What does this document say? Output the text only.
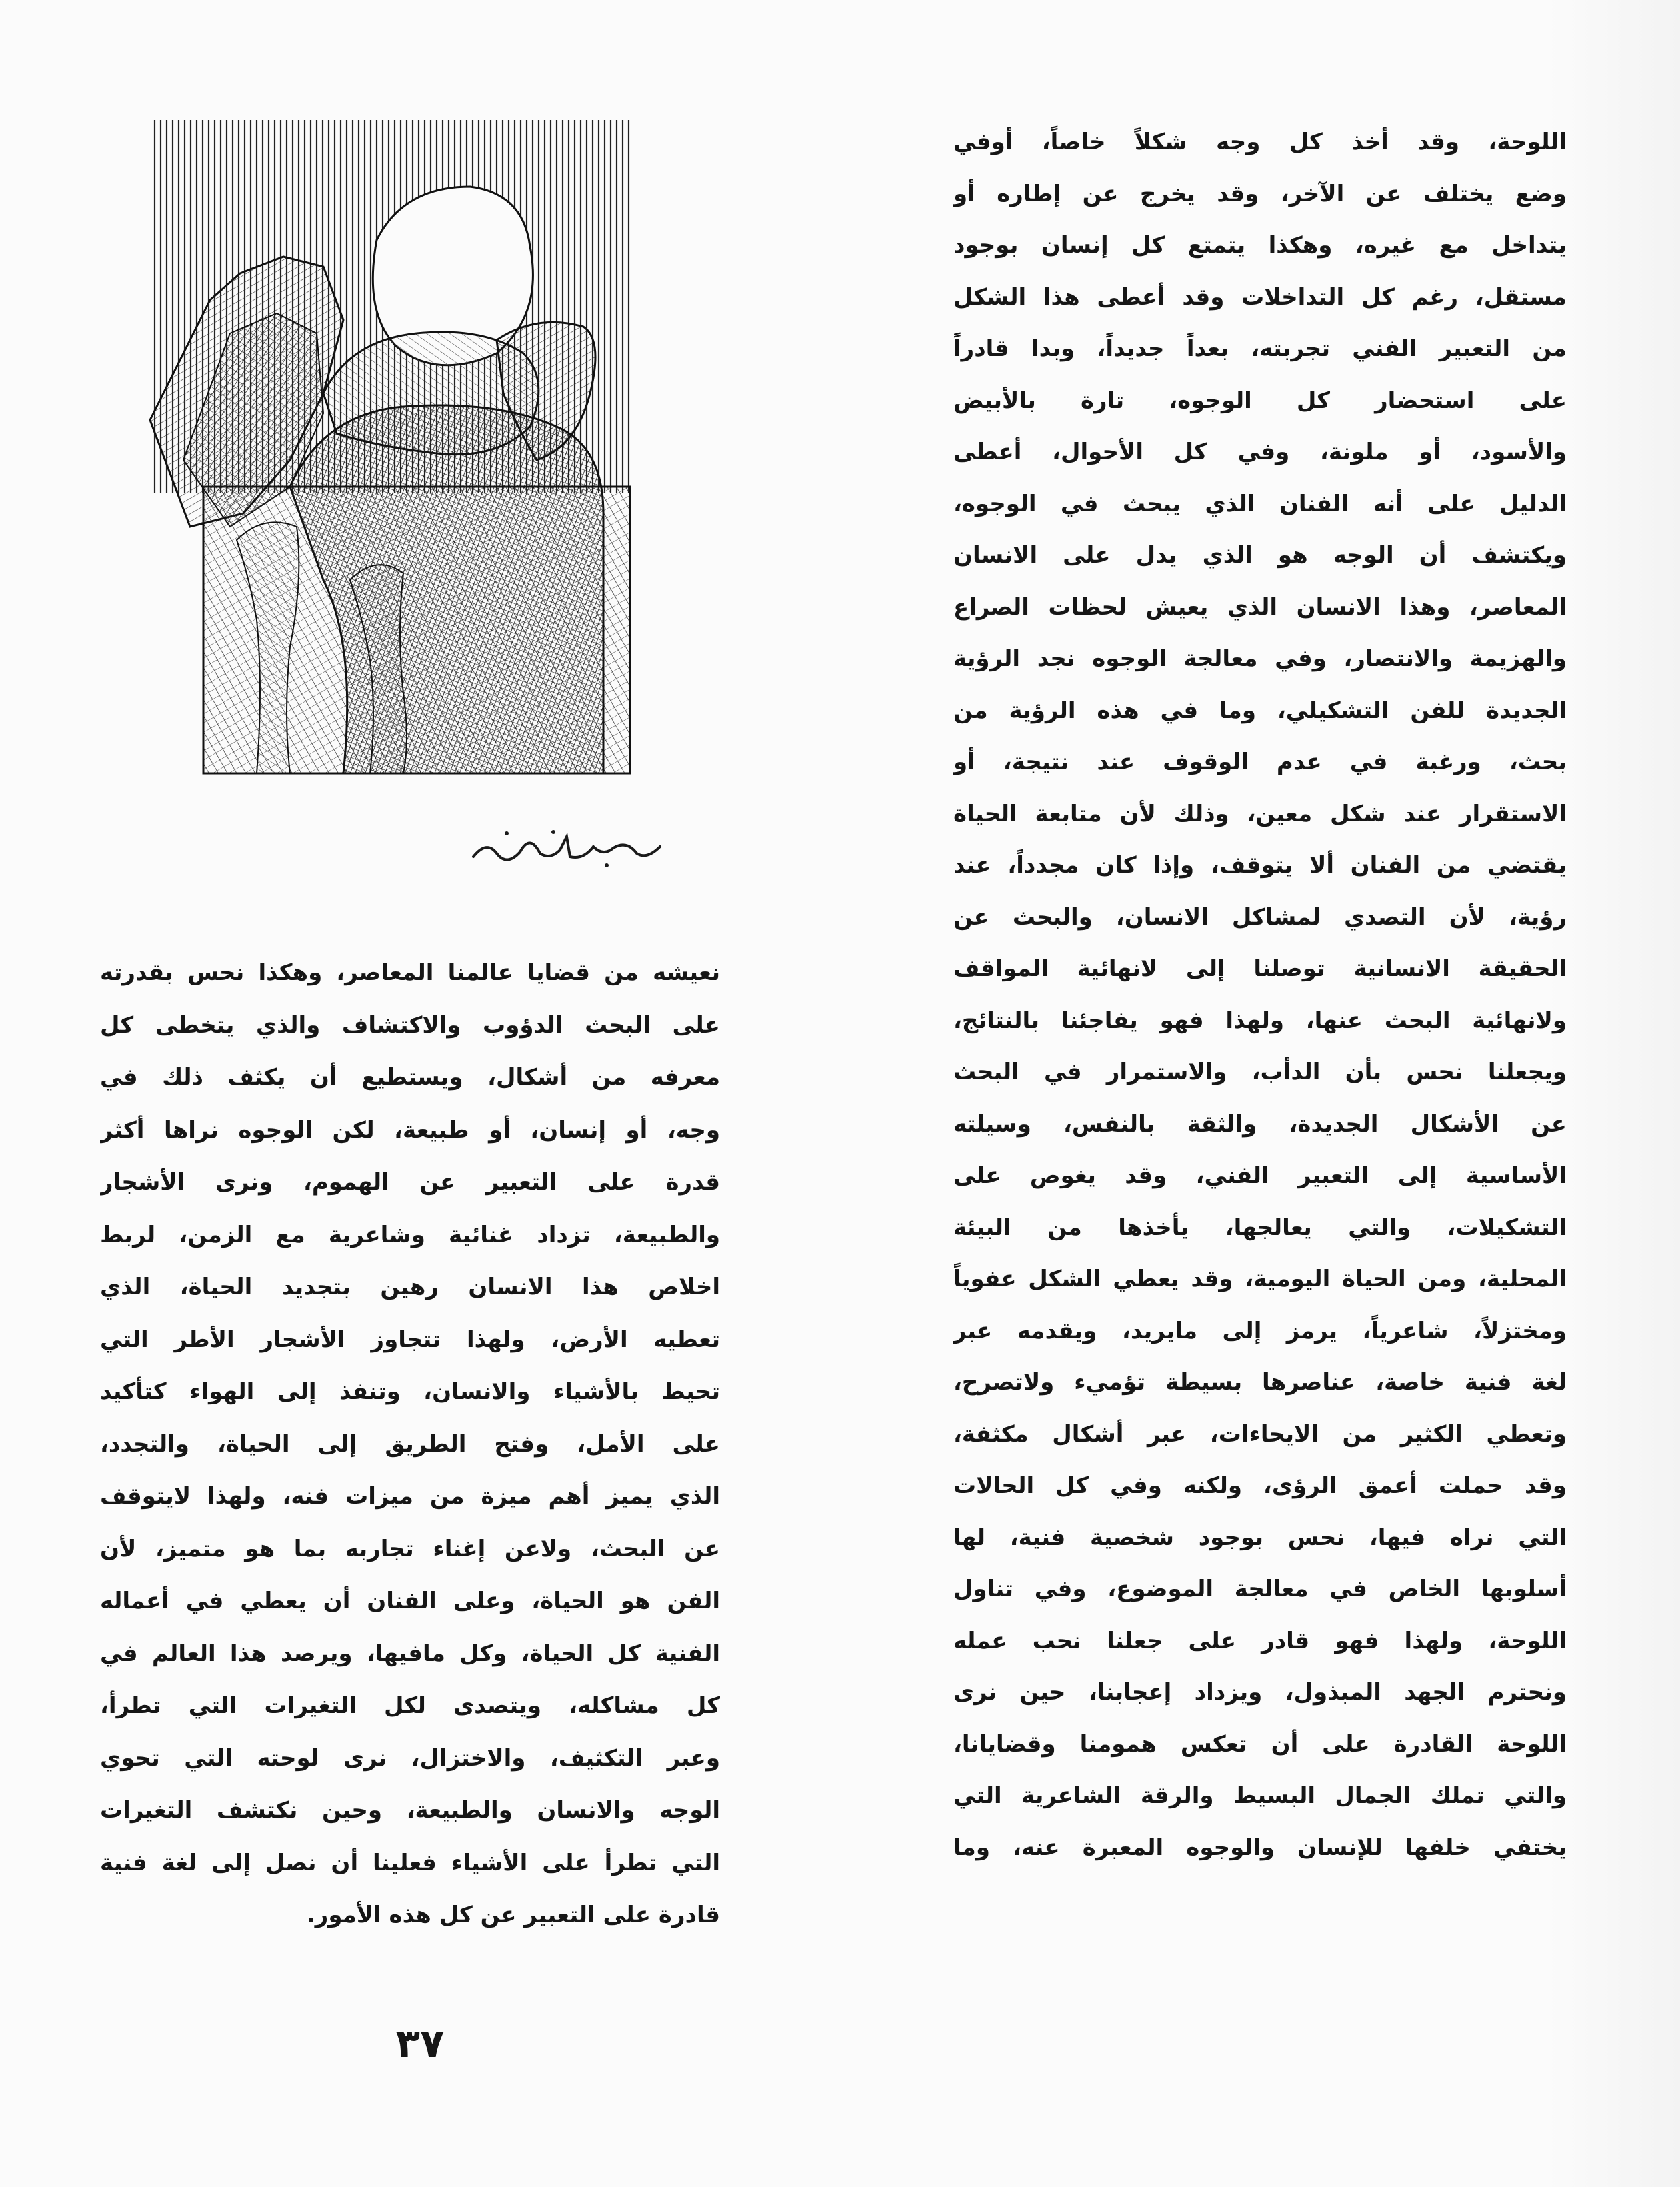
اللوحة، وقد أخذ كل وجه شكلاً خاصاً، أوفي
وضع يختلف عن الآخر، وقد يخرج عن إطاره أو
يتداخل مع غيره، وهكذا يتمتع كل إنسان بوجود
مستقل، رغم كل التداخلات وقد أعطى هذا الشكل
من التعبير الفني تجربته، بعداً جديداً، وبدا قادراً
على استحضار كل الوجوه، تارة بالأبيض
والأسود، أو ملونة، وفي كل الأحوال، أعطى
الدليل على أنه الفنان الذي يبحث في الوجوه،
ويكتشف أن الوجه هو الذي يدل على الانسان
المعاصر، وهذا الانسان الذي يعيش لحظات الصراع
والهزيمة والانتصار، وفي معالجة الوجوه نجد الرؤية
الجديدة للفن التشكيلي، وما في هذه الرؤية من
بحث، ورغبة في عدم الوقوف عند نتيجة، أو
الاستقرار عند شكل معين، وذلك لأن متابعة الحياة
يقتضي من الفنان ألا يتوقف، وإذا كان مجدداً، عند
رؤية، لأن التصدي لمشاكل الانسان، والبحث عن
الحقيقة الانسانية توصلنا إلى لانهائية المواقف
ولانهائية البحث عنها، ولهذا فهو يفاجئنا بالنتائج،
ويجعلنا نحس بأن الدأب، والاستمرار في البحث
عن الأشكال الجديدة، والثقة بالنفس، وسيلته
الأساسية إلى التعبير الفني، وقد يغوص على
التشكيلات، والتي يعالجها، يأخذها من البيئة
المحلية، ومن الحياة اليومية، وقد يعطي الشكل عفوياً
ومختزلاً، شاعرياً، يرمز إلى مايريد، ويقدمه عبر
لغة فنية خاصة، عناصرها بسيطة تؤميء ولاتصرح،
وتعطي الكثير من الايحاءات، عبر أشكال مكثفة،
وقد حملت أعمق الرؤى، ولكنه وفي كل الحالات
التي نراه فيها، نحس بوجود شخصية فنية، لها
أسلوبها الخاص في معالجة الموضوع، وفي تناول
اللوحة، ولهذا فهو قادر على جعلنا نحب عمله
ونحترم الجهد المبذول، ويزداد إعجابنا، حين نرى
اللوحة القادرة على أن تعكس همومنا وقضايانا،
والتي تملك الجمال البسيط والرقة الشاعرية التي
يختفي خلفها للإنسان والوجوه المعبرة عنه، وما
نعيشه من قضايا عالمنا المعاصر، وهكذا نحس بقدرته
على البحث الدؤوب والاكتشاف والذي يتخطى كل
معرفه من أشكال، ويستطيع أن يكثف ذلك في
وجه، أو إنسان، أو طبيعة، لكن الوجوه نراها أكثر
قدرة على التعبير عن الهموم، ونرى الأشجار
والطبيعة، تزداد غنائية وشاعرية مع الزمن، لربط
اخلاص هذا الانسان رهين بتجديد الحياة، الذي
تعطيه الأرض، ولهذا تتجاوز الأشجار الأطر التي
تحيط بالأشياء والانسان، وتنفذ إلى الهواء كتأكيد
على الأمل، وفتح الطريق إلى الحياة، والتجدد،
الذي يميز أهم ميزة من ميزات فنه، ولهذا لايتوقف
عن البحث، ولاعن إغناء تجاربه بما هو متميز، لأن
الفن هو الحياة، وعلى الفنان أن يعطي في أعماله
الفنية كل الحياة، وكل مافيها، ويرصد هذا العالم في
كل مشاكله، ويتصدى لكل التغيرات التي تطرأ،
وعبر التكثيف، والاختزال، نرى لوحته التي تحوي
الوجه والانسان والطبيعة، وحين نكتشف التغيرات
التي تطرأ على الأشياء فعلينا أن نصل إلى لغة فنية
قادرة على التعبير عن كل هذه الأمور.
٣٧
